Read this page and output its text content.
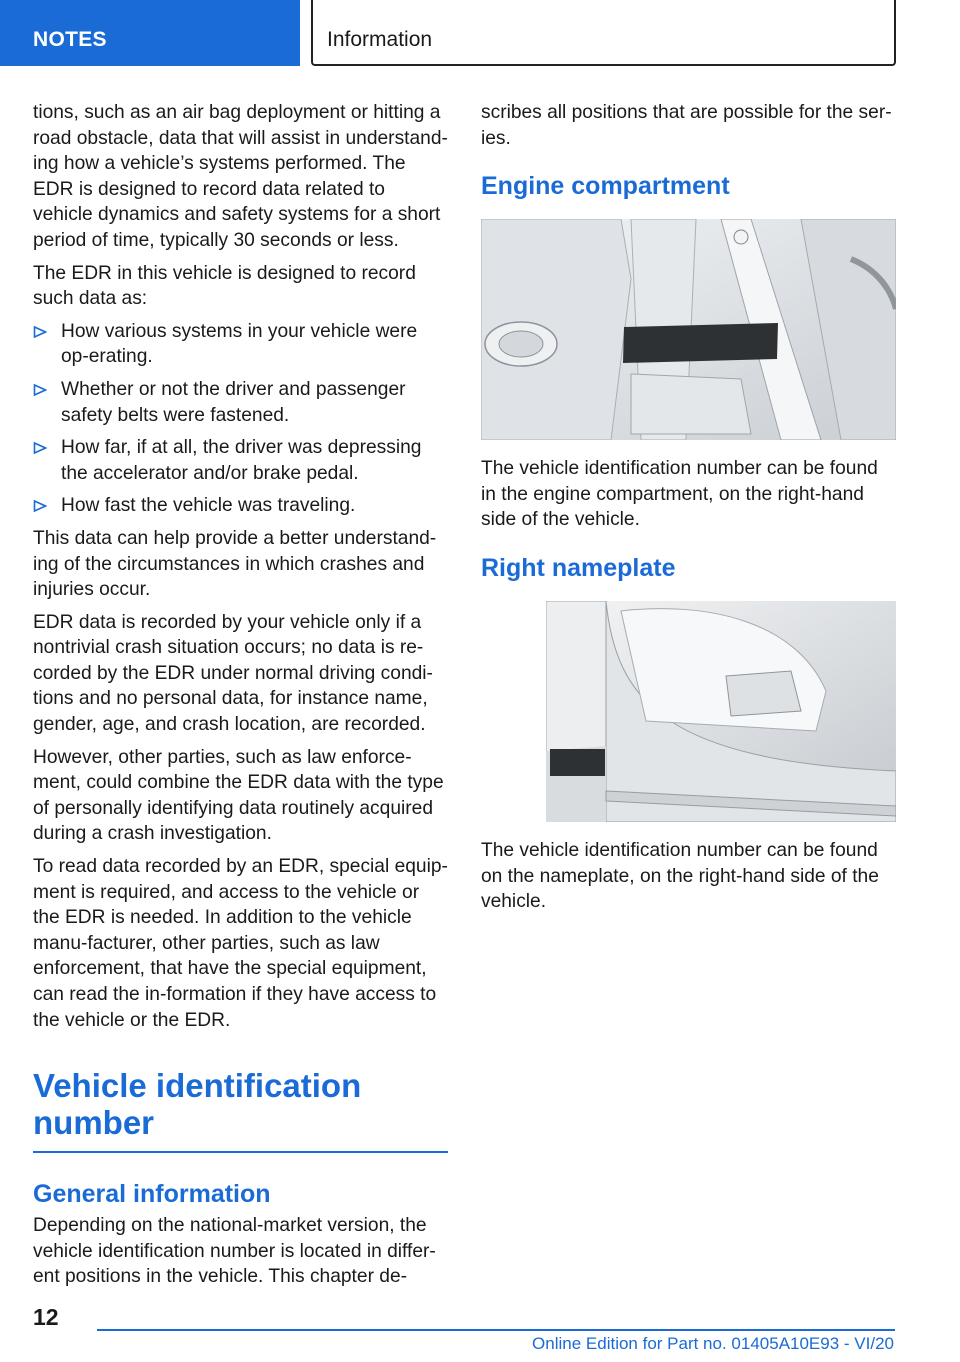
NOTES	Information

tions, such as an air bag deployment or hitting a road obstacle, data that will assist in understand‐ing how a vehicle’s systems performed. The EDR is designed to record data related to vehicle dynamics and safety systems for a short period of time, typically 30 seconds or less.

The EDR in this vehicle is designed to record such data as:

How various systems in your vehicle were op‐erating.
Whether or not the driver and passenger safety belts were fastened.
How far, if at all, the driver was depressing the accelerator and/or brake pedal.
How fast the vehicle was traveling.

This data can help provide a better understand‐ing of the circumstances in which crashes and injuries occur.

EDR data is recorded by your vehicle only if a nontrivial crash situation occurs; no data is re‐corded by the EDR under normal driving condi‐tions and no personal data, for instance name, gender, age, and crash location, are recorded.

However, other parties, such as law enforce‐ment, could combine the EDR data with the type of personally identifying data routinely acquired during a crash investigation.

To read data recorded by an EDR, special equip‐ment is required, and access to the vehicle or the EDR is needed. In addition to the vehicle manu‐facturer, other parties, such as law enforcement, that have the special equipment, can read the in‐formation if they have access to the vehicle or the EDR.

Vehicle identification number
General information

Depending on the national-market version, the vehicle identification number is located in differ‐ent positions in the vehicle. This chapter de‐

scribes all positions that are possible for the ser‐ies.

Engine compartment

The vehicle identification number can be found in the engine compartment, on the right-hand side of the vehicle.

Right nameplate

The vehicle identification number can be found on the nameplate, on the right-hand side of the vehicle.

12
Online Edition for Part no. 01405A10E93 - VI/20
